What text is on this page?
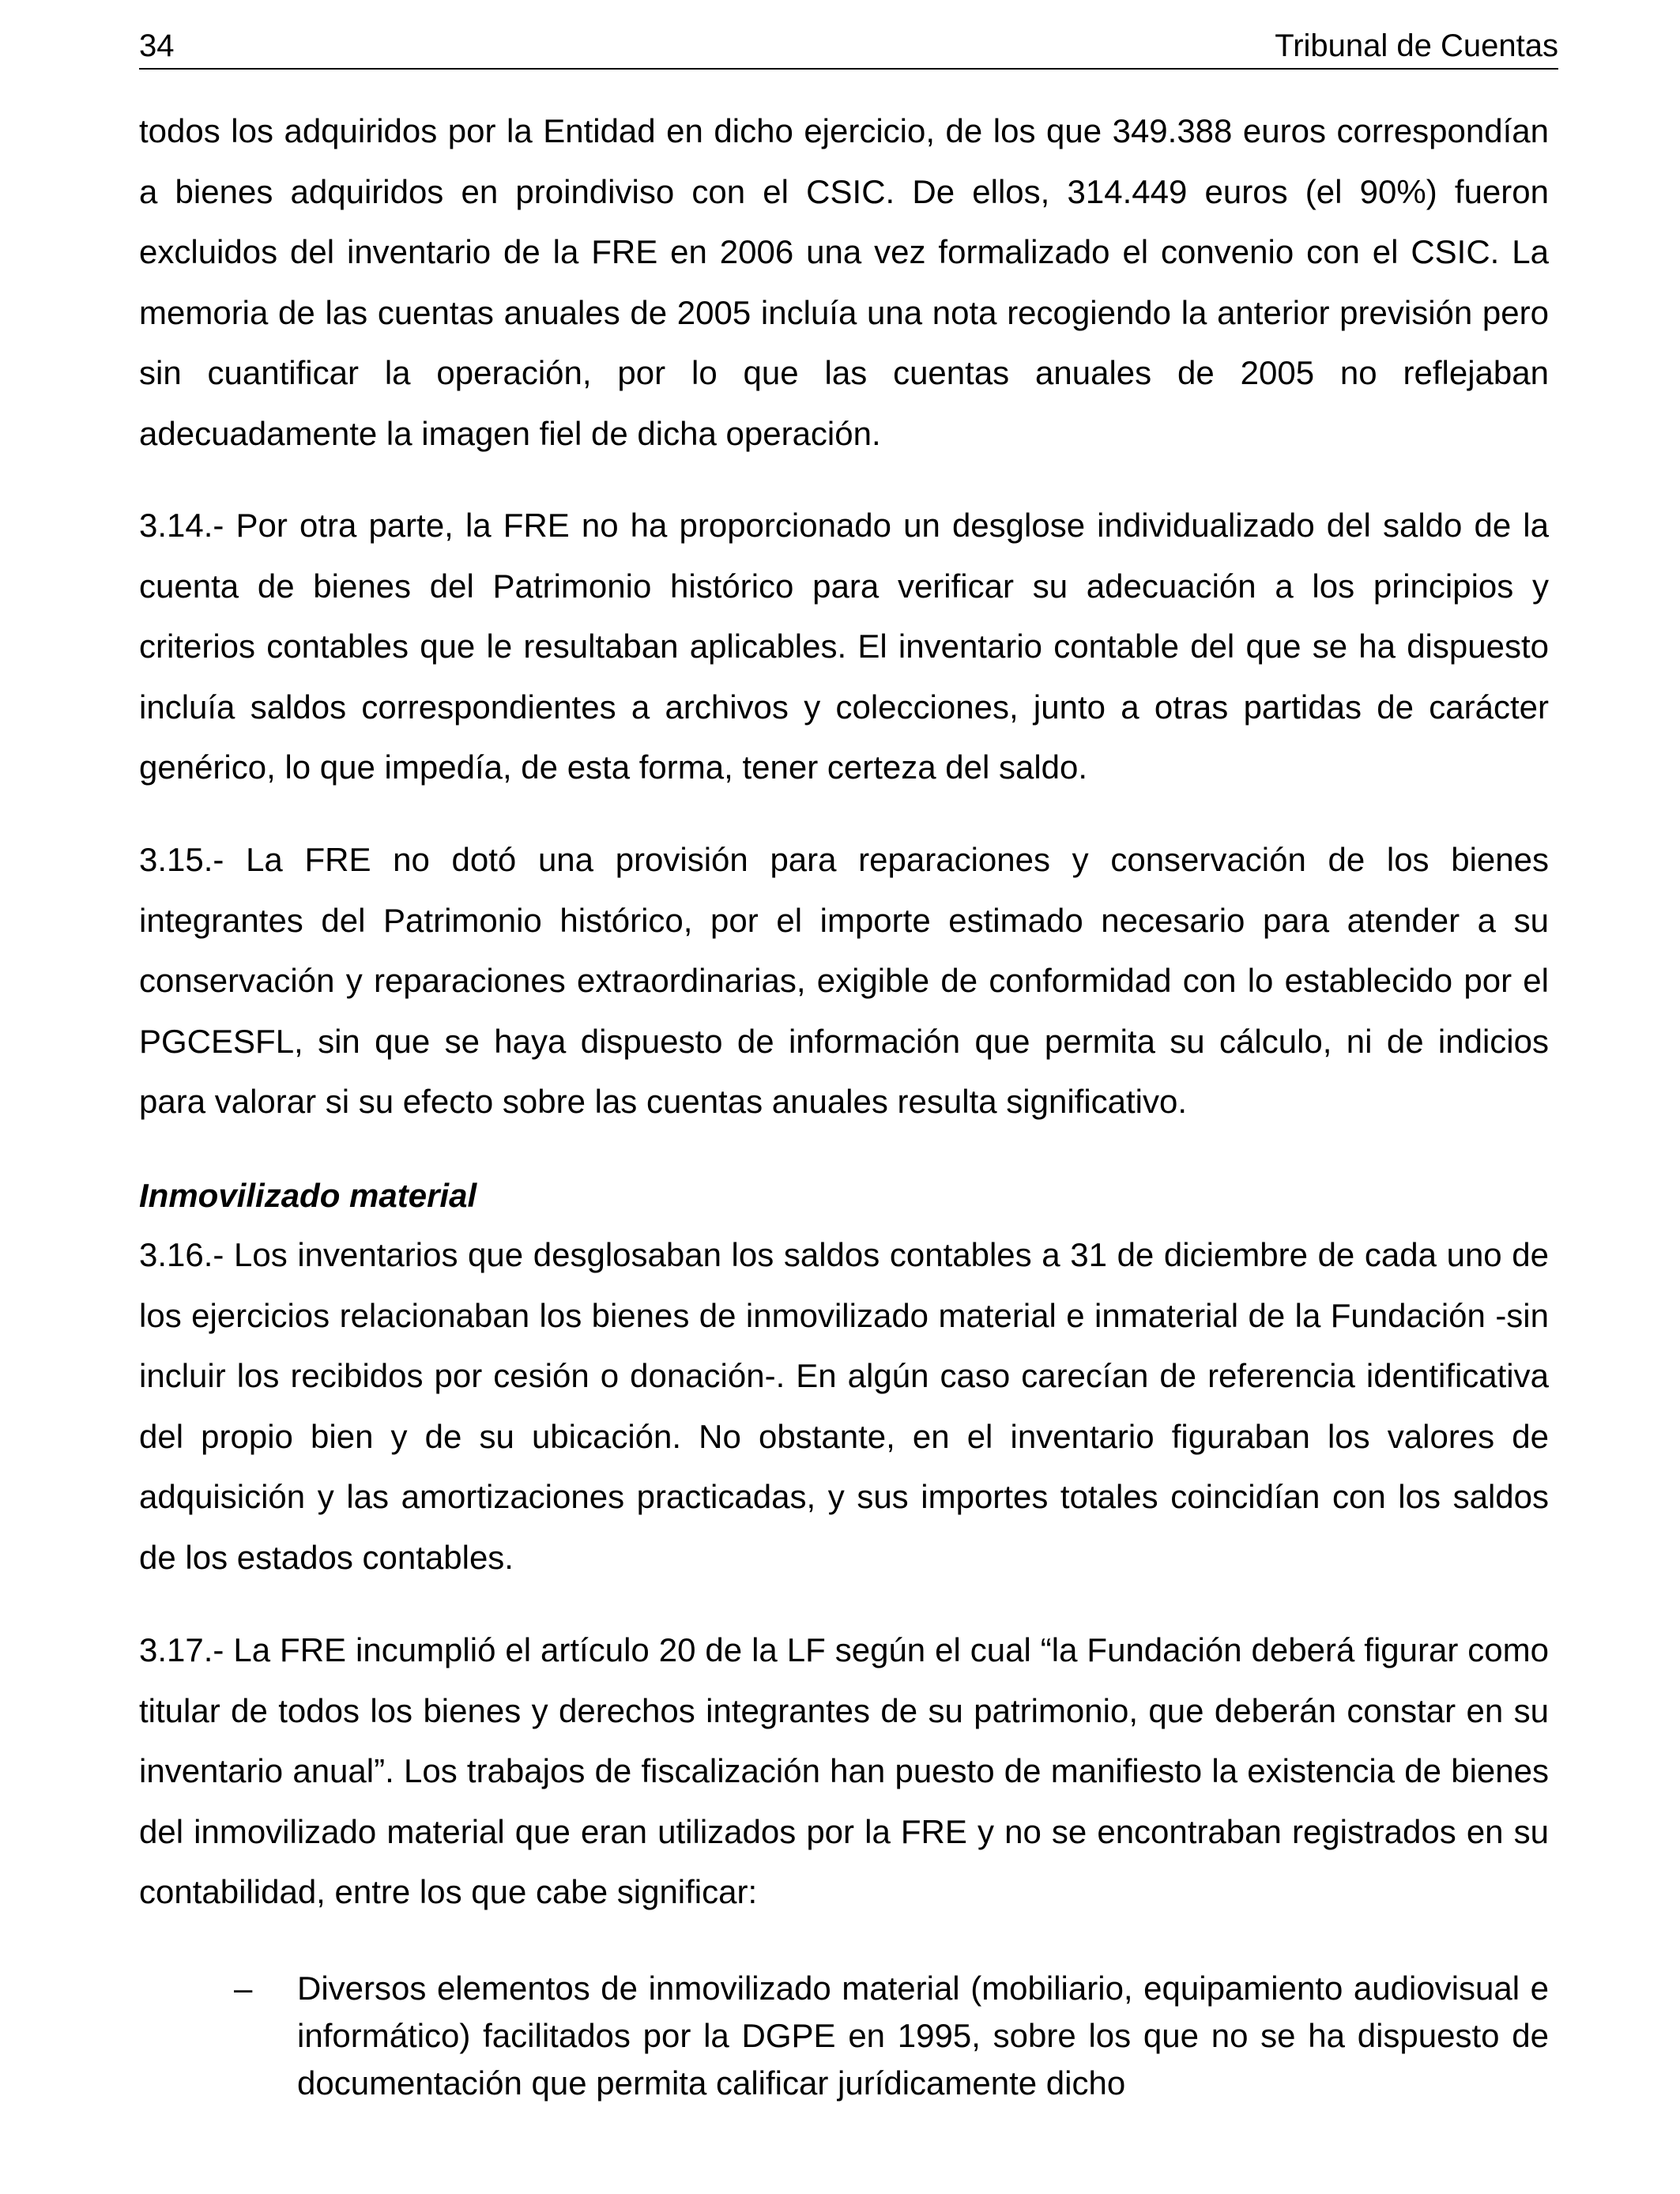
34	Tribunal de Cuentas

todos los adquiridos por la Entidad en dicho ejercicio, de los que 349.388 euros correspondían a bienes adquiridos en proindiviso con el CSIC. De ellos, 314.449 euros (el 90%) fueron excluidos del inventario de la FRE en 2006 una vez formalizado el convenio con el CSIC. La memoria de las cuentas anuales de 2005 incluía una nota recogiendo la anterior previsión pero sin cuantificar la operación, por lo que las cuentas anuales de 2005 no reflejaban adecuadamente la imagen fiel de dicha operación.

3.14.- Por otra parte, la FRE no ha proporcionado un desglose individualizado del saldo de la cuenta de bienes del Patrimonio histórico para verificar su adecuación a los principios y criterios contables que le resultaban aplicables. El inventario contable del que se ha dispuesto incluía saldos correspondientes a archivos y colecciones, junto a otras partidas de carácter genérico, lo que impedía, de esta forma, tener certeza del saldo.

3.15.- La FRE no dotó una provisión para reparaciones y conservación de los bienes integrantes del Patrimonio histórico, por el importe estimado necesario para atender a su conservación y reparaciones extraordinarias, exigible de conformidad con lo establecido por el PGCESFL, sin que se haya dispuesto de información que permita su cálculo, ni de indicios para valorar si su efecto sobre las cuentas anuales resulta significativo.

Inmovilizado material

3.16.- Los inventarios que desglosaban los saldos contables a 31 de diciembre de cada uno de los ejercicios relacionaban los bienes de inmovilizado material e inmaterial de la Fundación -sin incluir los recibidos por cesión o donación-. En algún caso carecían de referencia identificativa del propio bien y de su ubicación. No obstante, en el inventario figuraban los valores de adquisición y las amortizaciones practicadas, y sus importes totales coincidían con los saldos de los estados contables.

3.17.- La FRE incumplió el artículo 20 de la LF según el cual “la Fundación deberá figurar como titular de todos los bienes y derechos integrantes de su patrimonio, que deberán constar en su inventario anual”. Los trabajos de fiscalización han puesto de manifiesto la existencia de bienes del inmovilizado material que eran utilizados por la FRE y no se encontraban registrados en su contabilidad, entre los que cabe significar:

– Diversos elementos de inmovilizado material (mobiliario, equipamiento audiovisual e informático) facilitados por la DGPE en 1995, sobre los que no se ha dispuesto de documentación que permita calificar jurídicamente dicho
